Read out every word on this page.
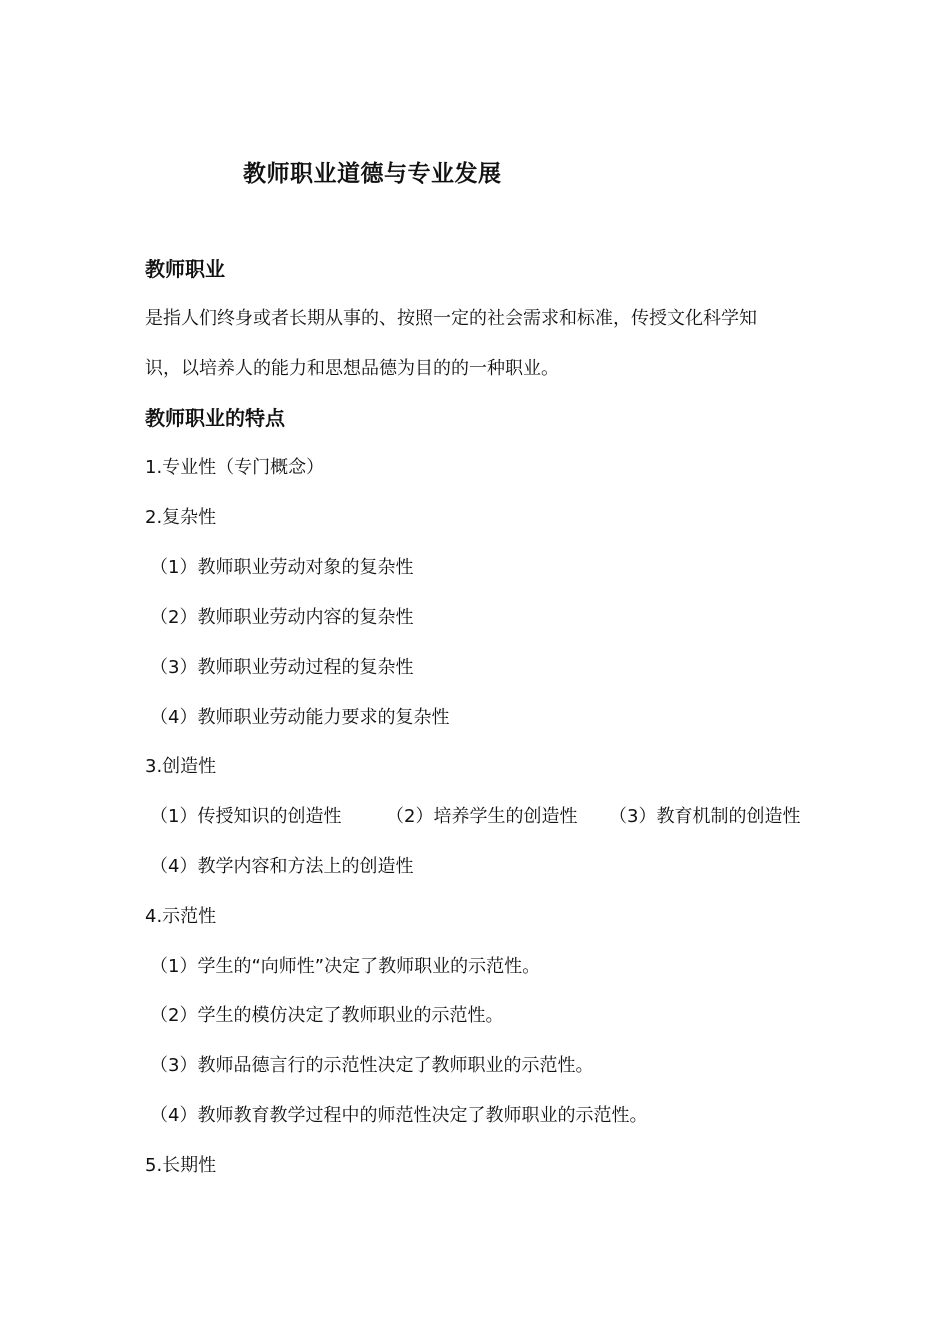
教师职业道德与专业发展
教师职业
是指人们终身或者长期从事的、按照一定的社会需求和标准，传授文化科学知
识，以培养人的能力和思想品德为目的的一种职业。
教师职业的特点
1.专业性（专门概念）
2.复杂性
（1）教师职业劳动对象的复杂性
（2）教师职业劳动内容的复杂性
（3）教师职业劳动过程的复杂性
（4）教师职业劳动能力要求的复杂性
3.创造性
（1）传授知识的创造性 （2）培养学生的创造性 （3）教育机制的创造性
（4）教学内容和方法上的创造性
4.示范性
（1）学生的“向师性”决定了教师职业的示范性。
（2）学生的模仿决定了教师职业的示范性。
（3）教师品德言行的示范性决定了教师职业的示范性。
（4）教师教育教学过程中的师范性决定了教师职业的示范性。
5.长期性
